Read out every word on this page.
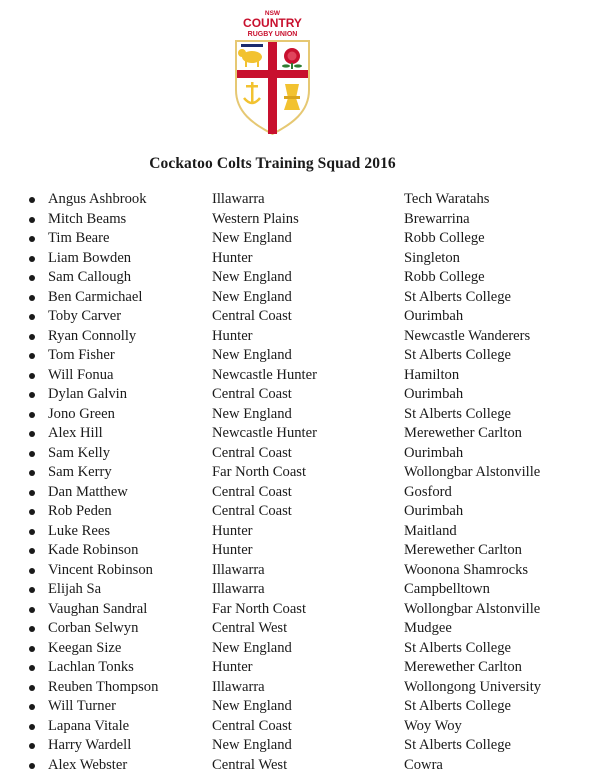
NSW
COUNTRY
RUGBY UNION
Cockatoo Colts Training Squad 2016
Angus Ashbrook	Illawarra	Tech Waratahs
Mitch Beams	Western Plains	Brewarrina
Tim Beare	New England	Robb College
Liam Bowden	Hunter	Singleton
Sam Callough	New England	Robb College
Ben Carmichael	New England	St Alberts College
Toby Carver	Central Coast	Ourimbah
Ryan Connolly	Hunter	Newcastle Wanderers
Tom Fisher	New England	St Alberts College
Will Fonua	Newcastle Hunter	Hamilton
Dylan Galvin	Central Coast	Ourimbah
Jono Green	New England	St Alberts College
Alex Hill	Newcastle Hunter	Merewether Carlton
Sam Kelly	Central Coast	Ourimbah
Sam Kerry	Far North Coast	Wollongbar Alstonville
Dan Matthew	Central Coast	Gosford
Rob Peden	Central Coast	Ourimbah
Luke Rees	Hunter	Maitland
Kade Robinson	Hunter	Merewether Carlton
Vincent Robinson	Illawarra	Woonona Shamrocks
Elijah Sa	Illawarra	Campbelltown
Vaughan Sandral	Far North Coast	Wollongbar Alstonville
Corban Selwyn	Central West	Mudgee
Keegan Size	New England	St Alberts College
Lachlan Tonks	Hunter	Merewether Carlton
Reuben Thompson	Illawarra	Wollongong University
Will Turner	New England	St Alberts College
Lapana Vitale	Central Coast	Woy Woy
Harry Wardell	New England	St Alberts College
Alex Webster	Central West	Cowra
